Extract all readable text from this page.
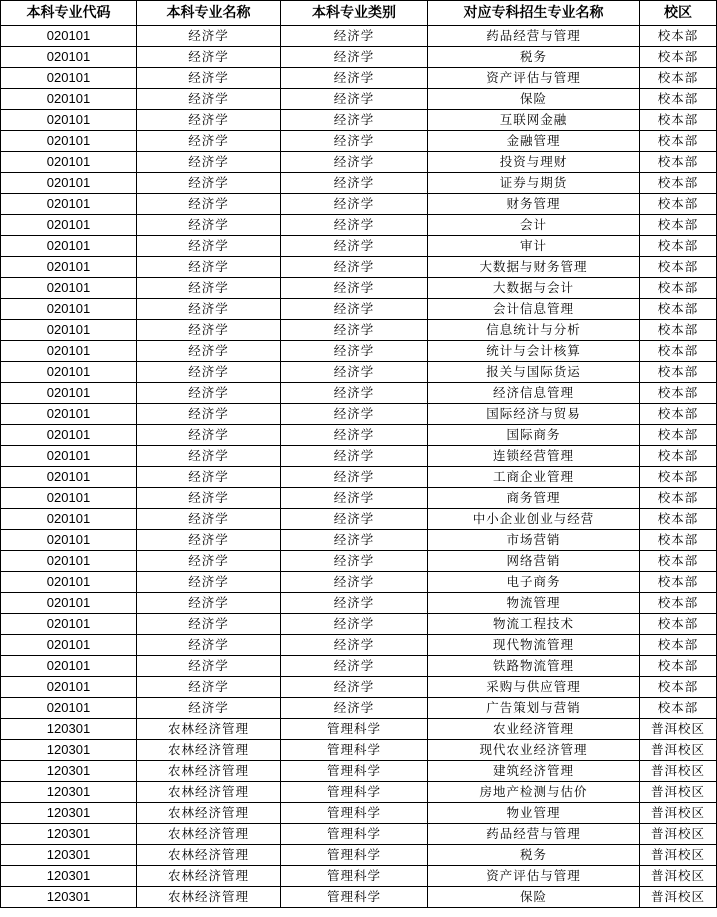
本科专业代码	本科专业名称	本科专业类别	对应专科招生专业名称	校区
020101	经济学	经济学	药品经营与管理	校本部
020101	经济学	经济学	税务	校本部
020101	经济学	经济学	资产评估与管理	校本部
020101	经济学	经济学	保险	校本部
020101	经济学	经济学	互联网金融	校本部
020101	经济学	经济学	金融管理	校本部
020101	经济学	经济学	投资与理财	校本部
020101	经济学	经济学	证券与期货	校本部
020101	经济学	经济学	财务管理	校本部
020101	经济学	经济学	会计	校本部
020101	经济学	经济学	审计	校本部
020101	经济学	经济学	大数据与财务管理	校本部
020101	经济学	经济学	大数据与会计	校本部
020101	经济学	经济学	会计信息管理	校本部
020101	经济学	经济学	信息统计与分析	校本部
020101	经济学	经济学	统计与会计核算	校本部
020101	经济学	经济学	报关与国际货运	校本部
020101	经济学	经济学	经济信息管理	校本部
020101	经济学	经济学	国际经济与贸易	校本部
020101	经济学	经济学	国际商务	校本部
020101	经济学	经济学	连锁经营管理	校本部
020101	经济学	经济学	工商企业管理	校本部
020101	经济学	经济学	商务管理	校本部
020101	经济学	经济学	中小企业创业与经营	校本部
020101	经济学	经济学	市场营销	校本部
020101	经济学	经济学	网络营销	校本部
020101	经济学	经济学	电子商务	校本部
020101	经济学	经济学	物流管理	校本部
020101	经济学	经济学	物流工程技术	校本部
020101	经济学	经济学	现代物流管理	校本部
020101	经济学	经济学	铁路物流管理	校本部
020101	经济学	经济学	采购与供应管理	校本部
020101	经济学	经济学	广告策划与营销	校本部
120301	农林经济管理	管理科学	农业经济管理	普洱校区
120301	农林经济管理	管理科学	现代农业经济管理	普洱校区
120301	农林经济管理	管理科学	建筑经济管理	普洱校区
120301	农林经济管理	管理科学	房地产检测与估价	普洱校区
120301	农林经济管理	管理科学	物业管理	普洱校区
120301	农林经济管理	管理科学	药品经营与管理	普洱校区
120301	农林经济管理	管理科学	税务	普洱校区
120301	农林经济管理	管理科学	资产评估与管理	普洱校区
120301	农林经济管理	管理科学	保险	普洱校区
